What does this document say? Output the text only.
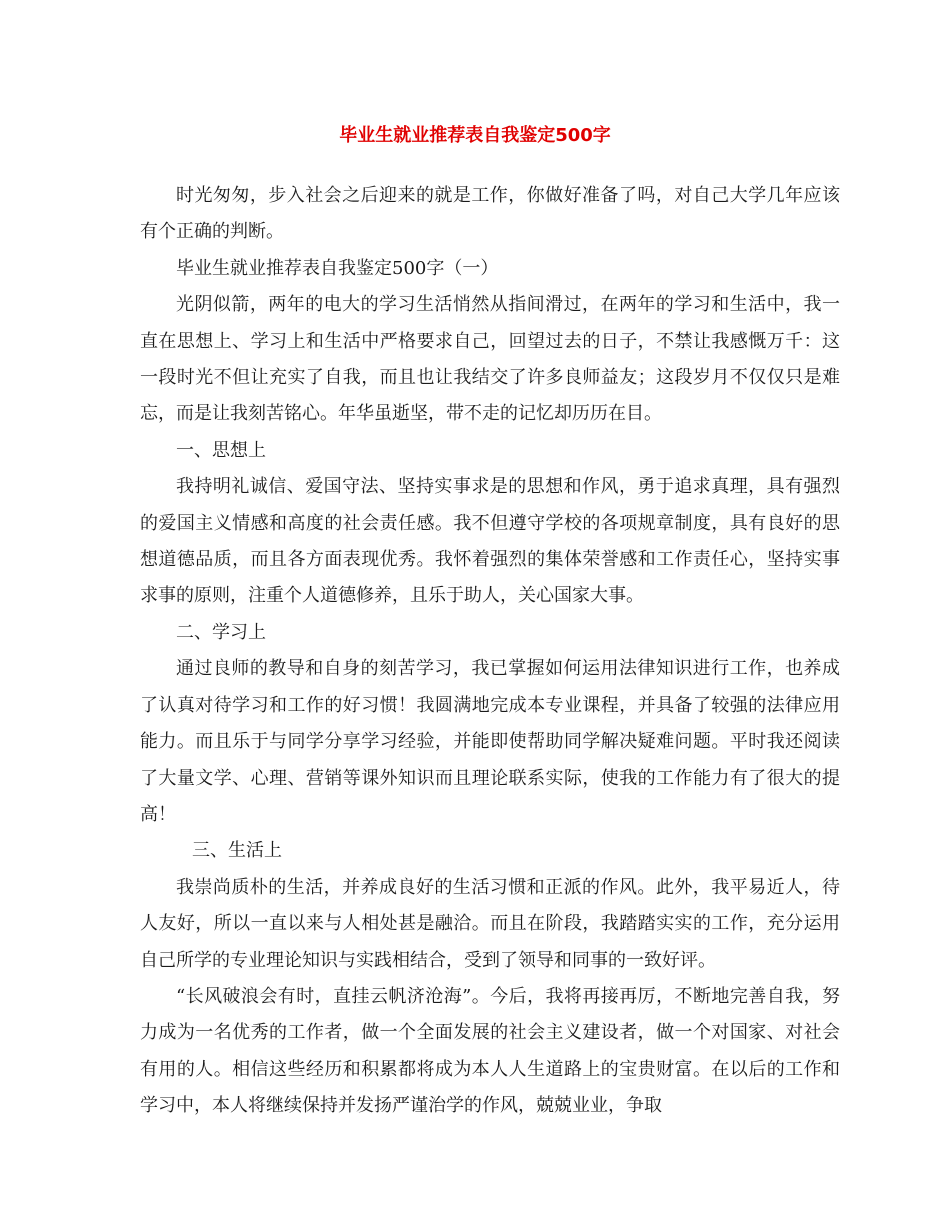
毕业生就业推荐表自我鉴定500字

时光匆匆，步入社会之后迎来的就是工作，你做好准备了吗，对自己大学几年应该有个正确的判断。

毕业生就业推荐表自我鉴定500字（一）

光阴似箭，两年的电大的学习生活悄然从指间滑过，在两年的学习和生活中，我一直在思想上、学习上和生活中严格要求自己，回望过去的日子，不禁让我感慨万千：这一段时光不但让充实了自我，而且也让我结交了许多良师益友；这段岁月不仅仅只是难忘，而是让我刻苦铭心。年华虽逝坚，带不走的记忆却历历在目。

一、思想上

我持明礼诚信、爱国守法、坚持实事求是的思想和作风，勇于追求真理，具有强烈的爱国主义情感和高度的社会责任感。我不但遵守学校的各项规章制度，具有良好的思想道德品质，而且各方面表现优秀。我怀着强烈的集体荣誉感和工作责任心，坚持实事求事的原则，注重个人道德修养，且乐于助人，关心国家大事。

二、学习上

通过良师的教导和自身的刻苦学习，我已掌握如何运用法律知识进行工作，也养成了认真对待学习和工作的好习惯！我圆满地完成本专业课程，并具备了较强的法律应用能力。而且乐于与同学分享学习经验，并能即使帮助同学解决疑难问题。平时我还阅读了大量文学、心理、营销等课外知识而且理论联系实际，使我的工作能力有了很大的提高！

三、生活上

我崇尚质朴的生活，并养成良好的生活习惯和正派的作风。此外，我平易近人，待人友好，所以一直以来与人相处甚是融洽。而且在阶段，我踏踏实实的工作，充分运用自己所学的专业理论知识与实践相结合，受到了领导和同事的一致好评。

“长风破浪会有时，直挂云帆济沧海”。今后，我将再接再厉，不断地完善自我，努力成为一名优秀的工作者，做一个全面发展的社会主义建设者，做一个对国家、对社会有用的人。相信这些经历和积累都将成为本人人生道路上的宝贵财富。在以后的工作和学习中，本人将继续保持并发扬严谨治学的作风，兢兢业业，争取
